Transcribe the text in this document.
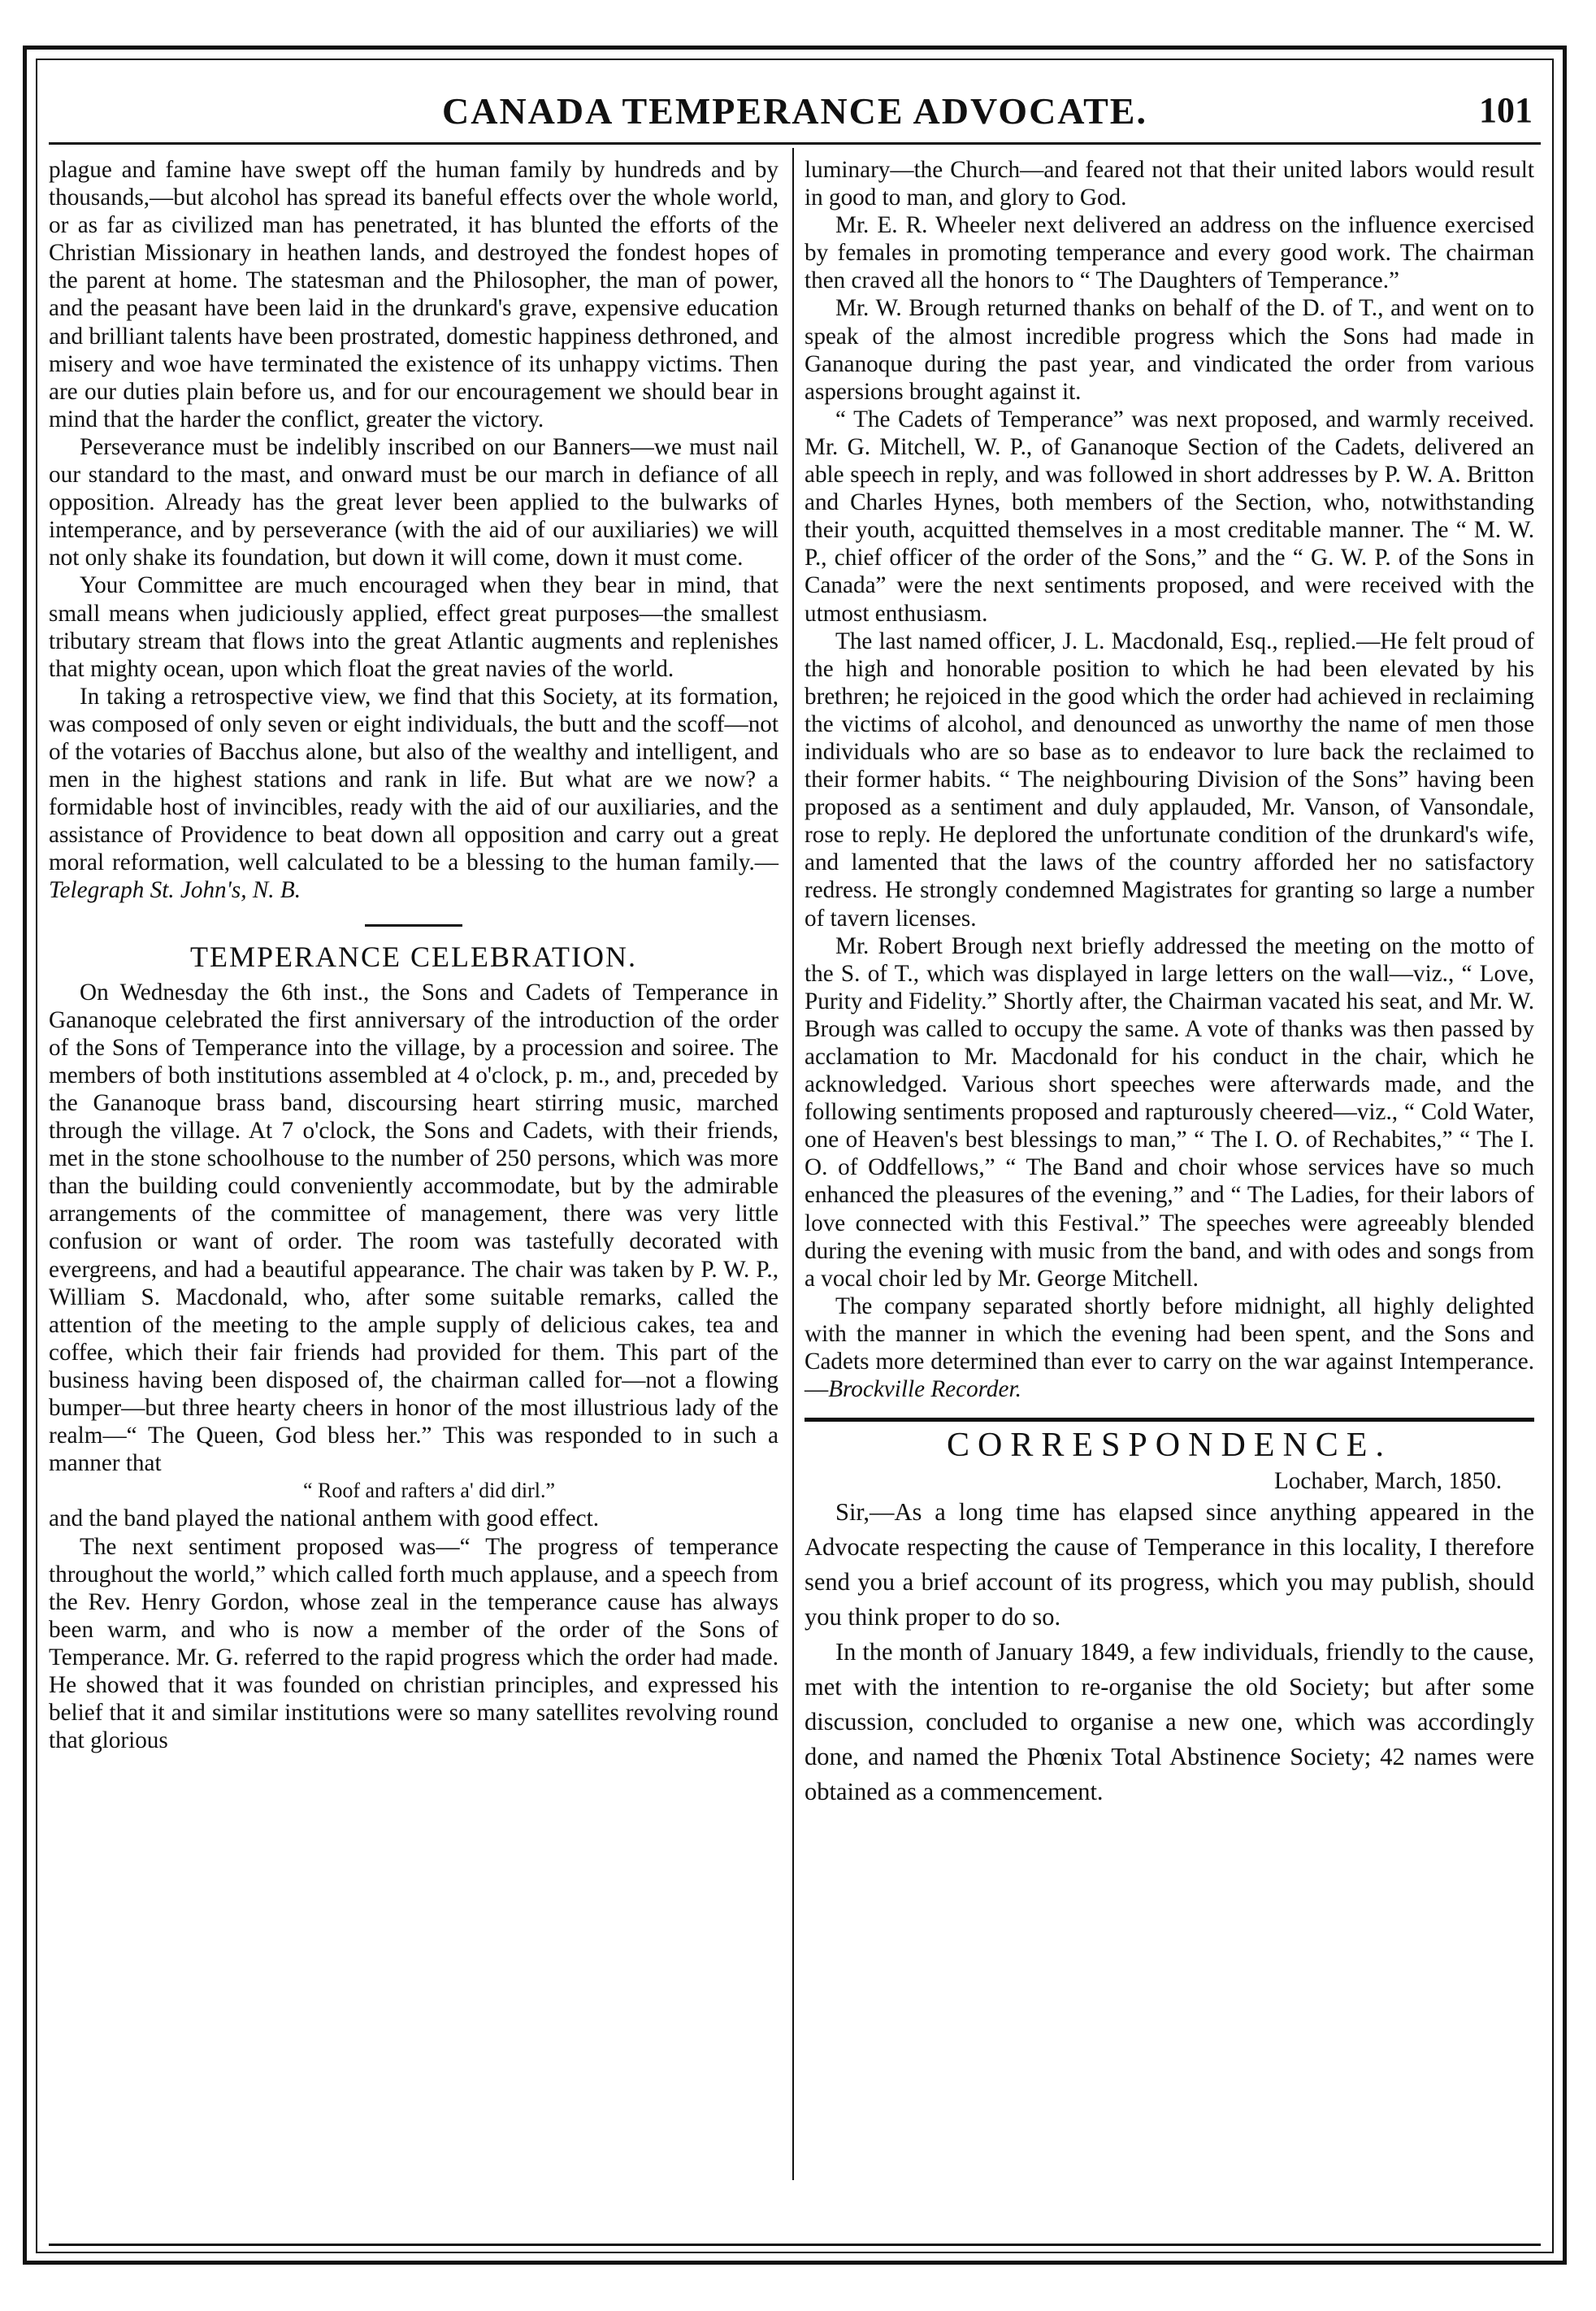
CANADA TEMPERANCE ADVOCATE.	101

plague and famine have swept off the human family by hundreds and by thousands,—but alcohol has spread its baneful effects over the whole world, or as far as civilized man has penetrated, it has blunted the efforts of the Christian Missionary in heathen lands, and destroyed the fondest hopes of the parent at home. The statesman and the Philosopher, the man of power, and the peasant have been laid in the drunkard's grave, expensive education and brilliant talents have been prostrated, domestic happiness dethroned, and misery and woe have terminated the existence of its unhappy victims. Then are our duties plain before us, and for our encouragement we should bear in mind that the harder the conflict, greater the victory.

Perseverance must be indelibly inscribed on our Banners—we must nail our standard to the mast, and onward must be our march in defiance of all opposition. Already has the great lever been applied to the bulwarks of intemperance, and by perseverance (with the aid of our auxiliaries) we will not only shake its foundation, but down it will come, down it must come.

Your Committee are much encouraged when they bear in mind, that small means when judiciously applied, effect great purposes—the smallest tributary stream that flows into the great Atlantic augments and replenishes that mighty ocean, upon which float the great navies of the world.

In taking a retrospective view, we find that this Society, at its formation, was composed of only seven or eight individuals, the butt and the scoff—not of the votaries of Bacchus alone, but also of the wealthy and intelligent, and men in the highest stations and rank in life. But what are we now? a formidable host of invincibles, ready with the aid of our auxiliaries, and the assistance of Providence to beat down all opposition and carry out a great moral reformation, well calculated to be a blessing to the human family.—Telegraph St. John's, N. B.

TEMPERANCE CELEBRATION.

On Wednesday the 6th inst., the Sons and Cadets of Temperance in Gananoque celebrated the first anniversary of the introduction of the order of the Sons of Temperance into the village, by a procession and soiree. The members of both institutions assembled at 4 o'clock, p. m., and, preceded by the Gananoque brass band, discoursing heart stirring music, marched through the village. At 7 o'clock, the Sons and Cadets, with their friends, met in the stone schoolhouse to the number of 250 persons, which was more than the building could conveniently accommodate, but by the admirable arrangements of the committee of management, there was very little confusion or want of order. The room was tastefully decorated with evergreens, and had a beautiful appearance. The chair was taken by P. W. P., William S. Macdonald, who, after some suitable remarks, called the attention of the meeting to the ample supply of delicious cakes, tea and coffee, which their fair friends had provided for them. This part of the business having been disposed of, the chairman called for—not a flowing bumper—but three hearty cheers in honor of the most illustrious lady of the realm—“ The Queen, God bless her.” This was responded to in such a manner that

“ Roof and rafters a' did dirl.”

and the band played the national anthem with good effect.

The next sentiment proposed was—“ The progress of temperance throughout the world,” which called forth much applause, and a speech from the Rev. Henry Gordon, whose zeal in the temperance cause has always been warm, and who is now a member of the order of the Sons of Temperance. Mr. G. referred to the rapid progress which the order had made. He showed that it was founded on christian principles, and expressed his belief that it and similar institutions were so many satellites revolving round that glorious

luminary—the Church—and feared not that their united labors would result in good to man, and glory to God.

Mr. E. R. Wheeler next delivered an address on the influence exercised by females in promoting temperance and every good work. The chairman then craved all the honors to “ The Daughters of Temperance.”

Mr. W. Brough returned thanks on behalf of the D. of T., and went on to speak of the almost incredible progress which the Sons had made in Gananoque during the past year, and vindicated the order from various aspersions brought against it.

“ The Cadets of Temperance” was next proposed, and warmly received. Mr. G. Mitchell, W. P., of Gananoque Section of the Cadets, delivered an able speech in reply, and was followed in short addresses by P. W. A. Britton and Charles Hynes, both members of the Section, who, notwithstanding their youth, acquitted themselves in a most creditable manner. The “ M. W. P., chief officer of the order of the Sons,” and the “ G. W. P. of the Sons in Canada” were the next sentiments proposed, and were received with the utmost enthusiasm.

The last named officer, J. L. Macdonald, Esq., replied.—He felt proud of the high and honorable position to which he had been elevated by his brethren; he rejoiced in the good which the order had achieved in reclaiming the victims of alcohol, and denounced as unworthy the name of men those individuals who are so base as to endeavor to lure back the reclaimed to their former habits. “ The neighbouring Division of the Sons” having been proposed as a sentiment and duly applauded, Mr. Vanson, of Vansondale, rose to reply. He deplored the unfortunate condition of the drunkard's wife, and lamented that the laws of the country afforded her no satisfactory redress. He strongly condemned Magistrates for granting so large a number of tavern licenses.

Mr. Robert Brough next briefly addressed the meeting on the motto of the S. of T., which was displayed in large letters on the wall—viz., “ Love, Purity and Fidelity.” Shortly after, the Chairman vacated his seat, and Mr. W. Brough was called to occupy the same. A vote of thanks was then passed by acclamation to Mr. Macdonald for his conduct in the chair, which he acknowledged. Various short speeches were afterwards made, and the following sentiments proposed and rapturously cheered—viz., “ Cold Water, one of Heaven's best blessings to man,” “ The I. O. of Rechabites,” “ The I. O. of Oddfellows,” “ The Band and choir whose services have so much enhanced the pleasures of the evening,” and “ The Ladies, for their labors of love connected with this Festival.” The speeches were agreeably blended during the evening with music from the band, and with odes and songs from a vocal choir led by Mr. George Mitchell.

The company separated shortly before midnight, all highly delighted with the manner in which the evening had been spent, and the Sons and Cadets more determined than ever to carry on the war against Intemperance.—Brockville Recorder.

CORRESPONDENCE.

Lochaber, March, 1850.

Sir,—As a long time has elapsed since anything appeared in the Advocate respecting the cause of Temperance in this locality, I therefore send you a brief account of its progress, which you may publish, should you think proper to do so.

In the month of January 1849, a few individuals, friendly to the cause, met with the intention to re-organise the old Society; but after some discussion, concluded to organise a new one, which was accordingly done, and named the Phœnix Total Abstinence Society; 42 names were obtained as a commencement.
